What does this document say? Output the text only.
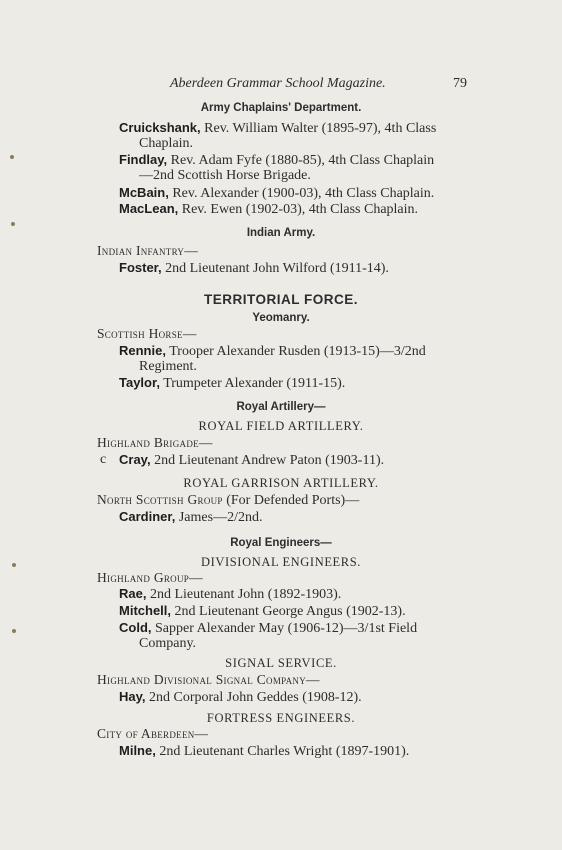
Aberdeen Grammar School Magazine.	79
Army Chaplains' Department.
Cruickshank, Rev. William Walter (1895-97), 4th Class
Chaplain.
Findlay, Rev. Adam Fyfe (1880-85), 4th Class Chaplain
—2nd Scottish Horse Brigade.
McBain, Rev. Alexander (1900-03), 4th Class Chaplain.
MacLean, Rev. Ewen (1902-03), 4th Class Chaplain.
Indian Army.
Indian Infantry—
Foster, 2nd Lieutenant John Wilford (1911-14).
TERRITORIAL FORCE.
Yeomanry.
Scottish Horse—
Rennie, Trooper Alexander Rusden (1913-15)—3/2nd
Regiment.
Taylor, Trumpeter Alexander (1911-15).
Royal Artillery—
ROYAL FIELD ARTILLERY.
Highland Brigade—
c Cray, 2nd Lieutenant Andrew Paton (1903-11).
ROYAL GARRISON ARTILLERY.
North Scottish Group (For Defended Ports)—
Cardiner, James—2/2nd.
Royal Engineers—
DIVISIONAL ENGINEERS.
Highland Group—
Rae, 2nd Lieutenant John (1892-1903).
Mitchell, 2nd Lieutenant George Angus (1902-13).
Cold, Sapper Alexander May (1906-12)—3/1st Field
Company.
SIGNAL SERVICE.
Highland Divisional Signal Company—
Hay, 2nd Corporal John Geddes (1908-12).
FORTRESS ENGINEERS.
City of Aberdeen—
Milne, 2nd Lieutenant Charles Wright (1897-1901).
